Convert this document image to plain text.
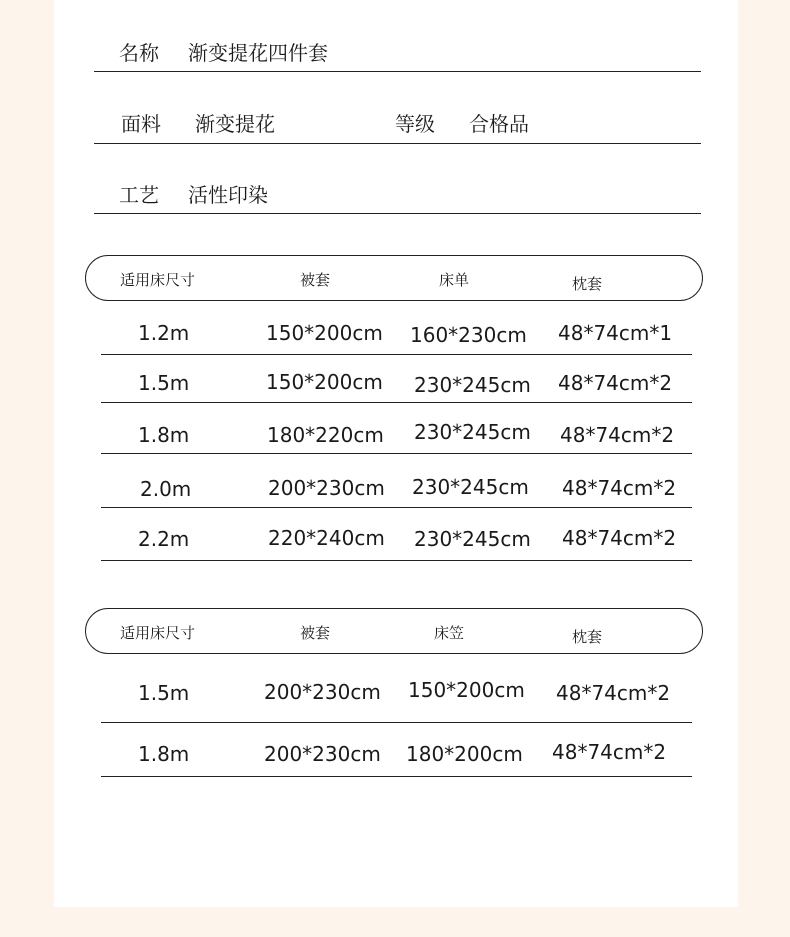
名称 渐变提花四件套
面料 渐变提花	等级 合格品
工艺 活性印染
适用床尺寸	被套	床单	枕套
1.2m	150*200cm 160*230cm 48*74cm*1
1.5m	150*200cm 230*245cm 48*74cm*2
1.8m	180*220cm 230*245cm 48*74cm*2
2.0m	200*230cm 230*245cm 48*74cm*2
2.2m	220*240cm 230*245cm 48*74cm*2
适用床尺寸	被套	床笠	枕套
1.5m	200*230cm 150*200cm 48*74cm*2
1.8m	200*230cm 180*200cm 48*74cm*2
